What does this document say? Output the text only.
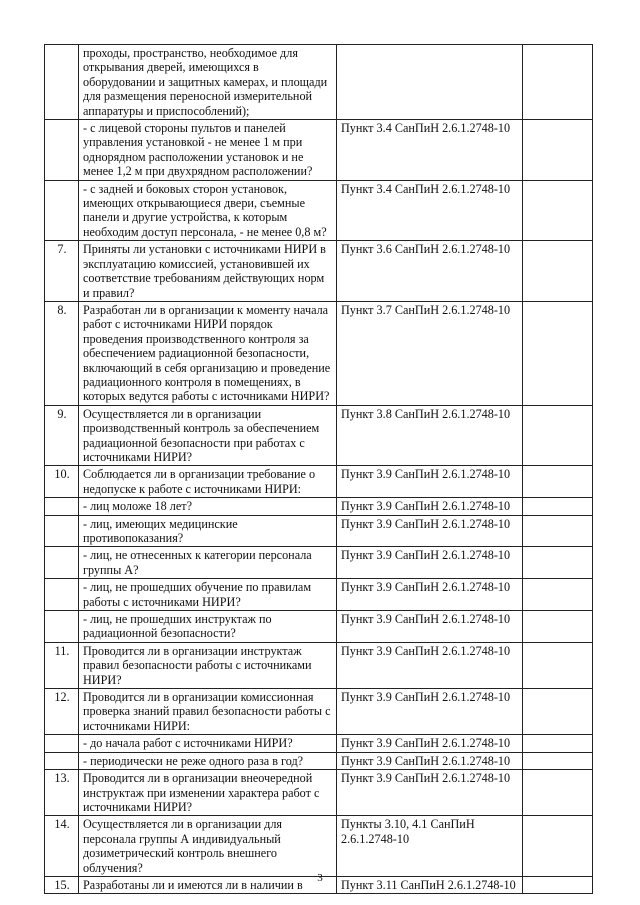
	проходы, пространство, необходимое для открывания дверей, имеющихся в оборудовании и защитных камерах, и площади для размещения переносной измерительной аппаратуры и приспособлений);		
	- с лицевой стороны пультов и панелей управления установкой - не менее 1 м при однорядном расположении установок и не менее 1,2 м при двухрядном расположении?	Пункт 3.4 СанПиН 2.6.1.2748-10	
	- с задней и боковых сторон установок, имеющих открывающиеся двери, съемные панели и другие устройства, к которым необходим доступ персонала, - не менее 0,8 м?	Пункт 3.4 СанПиН 2.6.1.2748-10	
7.	Приняты ли установки с источниками НИРИ в эксплуатацию комиссией, установившей их соответствие требованиям действующих норм и правил?	Пункт 3.6 СанПиН 2.6.1.2748-10	
8.	Разработан ли в организации к моменту начала работ с источниками НИРИ порядок проведения производственного контроля за обеспечением радиационной безопасности, включающий в себя организацию и проведение радиационного контроля в помещениях, в которых ведутся работы с источниками НИРИ?	Пункт 3.7 СанПиН 2.6.1.2748-10	
9.	Осуществляется ли в организации производственный контроль за обеспечением радиационной безопасности при работах с источниками НИРИ?	Пункт 3.8 СанПиН 2.6.1.2748-10	
10.	Соблюдается ли в организации требование о недопуске к работе с источниками НИРИ:	Пункт 3.9 СанПиН 2.6.1.2748-10	
	- лиц моложе 18 лет?	Пункт 3.9 СанПиН 2.6.1.2748-10	
	- лиц, имеющих медицинские противопоказания?	Пункт 3.9 СанПиН 2.6.1.2748-10	
	- лиц, не отнесенных к категории персонала группы А?	Пункт 3.9 СанПиН 2.6.1.2748-10	
	- лиц, не прошедших обучение по правилам работы с источниками НИРИ?	Пункт 3.9 СанПиН 2.6.1.2748-10	
	- лиц, не прошедших инструктаж по радиационной безопасности?	Пункт 3.9 СанПиН 2.6.1.2748-10	
11.	Проводится ли в организации инструктаж правил безопасности работы с источниками НИРИ?	Пункт 3.9 СанПиН 2.6.1.2748-10	
12.	Проводится ли в организации комиссионная проверка знаний правил безопасности работы с источниками НИРИ:	Пункт 3.9 СанПиН 2.6.1.2748-10	
	- до начала работ с источниками НИРИ?	Пункт 3.9 СанПиН 2.6.1.2748-10	
	- периодически не реже одного раза в год?	Пункт 3.9 СанПиН 2.6.1.2748-10	
13.	Проводится ли в организации внеочередной инструктаж при изменении характера работ с источниками НИРИ?	Пункт 3.9 СанПиН 2.6.1.2748-10	
14.	Осуществляется ли в организации для персонала группы А индивидуальный дозиметрический контроль внешнего облучения?	Пункты 3.10, 4.1 СанПиН 2.6.1.2748-10	
15.	Разработаны ли и имеются ли в наличии в	Пункт 3.11 СанПиН 2.6.1.2748-10	
3
